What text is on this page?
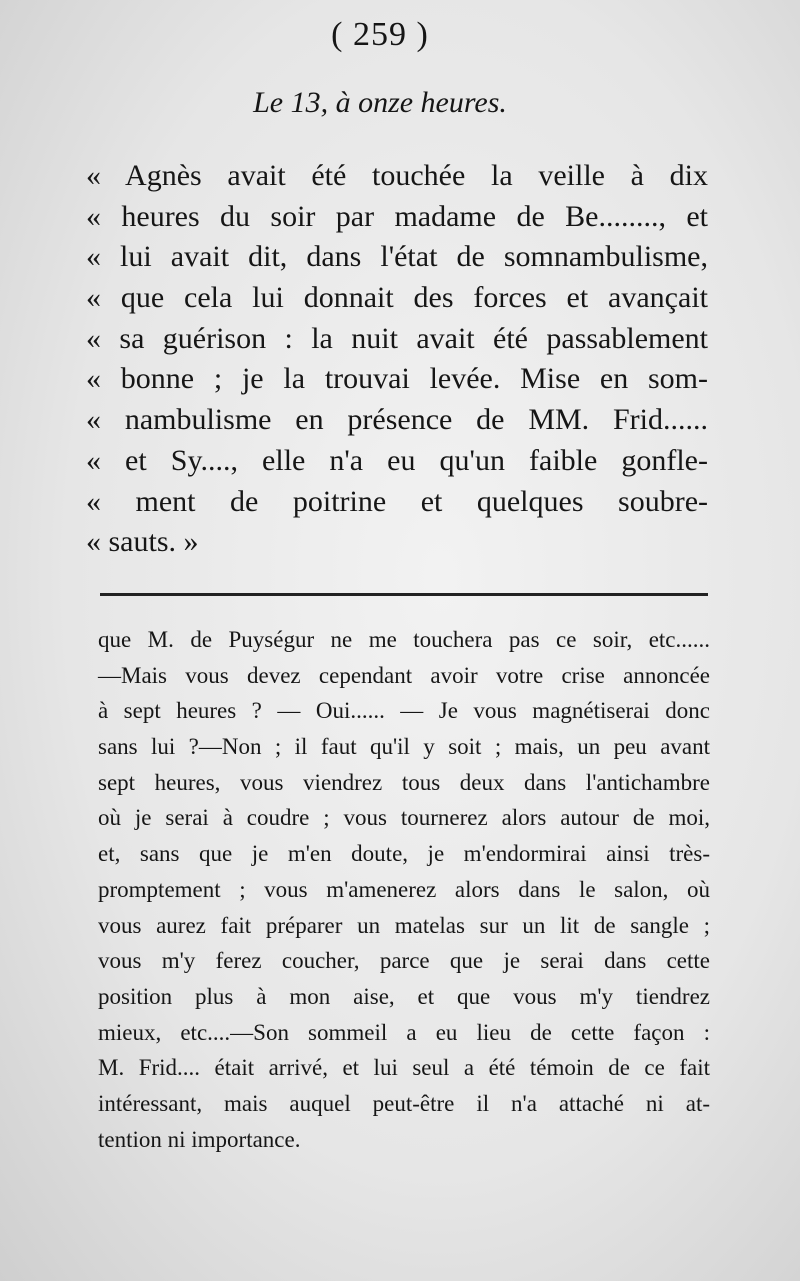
( 259 )
Le 13, à onze heures.
« Agnès avait été touchée la veille à dix
« heures du soir par madame de Be........, et
« lui avait dit, dans l'état de somnambulisme,
« que cela lui donnait des forces et avançait
« sa guérison : la nuit avait été passablement
« bonne ; je la trouvai levée. Mise en som-
« nambulisme en présence de MM. Frid......
« et Sy...., elle n'a eu qu'un faible gonfle-
« ment de poitrine et quelques soubre-
« sauts. »
que M. de Puységur ne me touchera pas ce soir, etc......
—Mais vous devez cependant avoir votre crise annoncée
à sept heures ? — Oui...... — Je vous magnétiserai donc
sans lui ?—Non ; il faut qu'il y soit ; mais, un peu avant
sept heures, vous viendrez tous deux dans l'antichambre
où je serai à coudre ; vous tournerez alors autour de moi,
et, sans que je m'en doute, je m'endormirai ainsi très-
promptement ; vous m'amenerez alors dans le salon, où
vous aurez fait préparer un matelas sur un lit de sangle ;
vous m'y ferez coucher, parce que je serai dans cette
position plus à mon aise, et que vous m'y tiendrez
mieux, etc....—Son sommeil a eu lieu de cette façon :
M. Frid.... était arrivé, et lui seul a été témoin de ce fait
intéressant, mais auquel peut-être il n'a attaché ni at-
tention ni importance.
